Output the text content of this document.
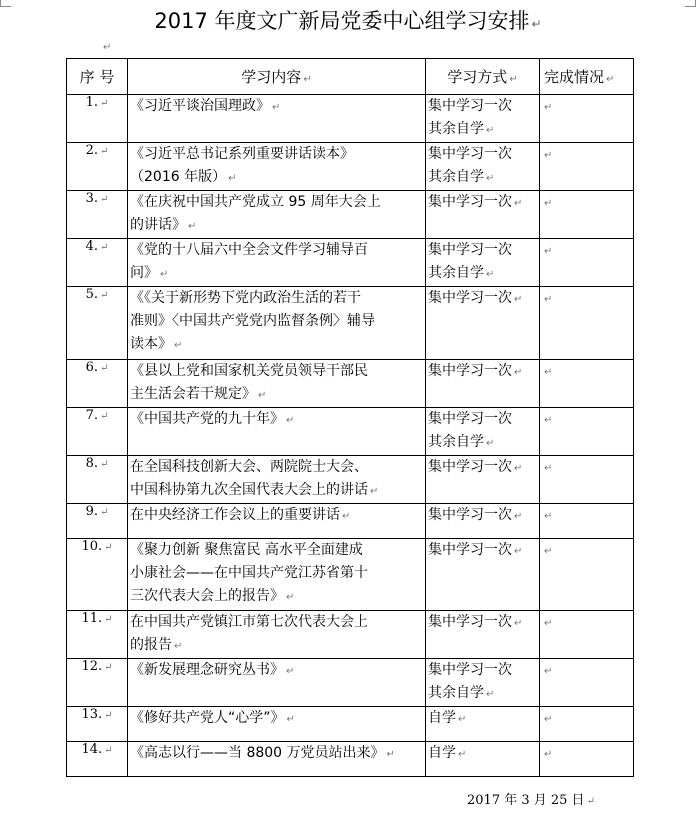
2017 年度文广新局党委中心组学习安排 ↵
↵
序 号	学习内容 ↵	学习方式 ↵	完成情况 ↵
1. ↵	《习近平谈治国理政》 ↵	集中学习一次
其余自学 ↵	↵
2. ↵	《习近平总书记系列重要讲话读本》
（2016 年版） ↵	集中学习一次
其余自学 ↵	↵
3. ↵	《在庆祝中国共产党成立 95 周年大会上
的讲话》 ↵	集中学习一次 ↵	↵
4. ↵	《党的十八届六中全会文件学习辅导百
问》 ↵	集中学习一次
其余自学 ↵	↵
5. ↵	《《关于新形势下党内政治生活的若干
准则》〈中国共产党党内监督条例〉辅导
读本》 ↵	集中学习一次 ↵	↵
6. ↵	《县以上党和国家机关党员领导干部民
主生活会若干规定》 ↵	集中学习一次 ↵	↵
7. ↵	《中国共产党的九十年》 ↵	集中学习一次
其余自学 ↵	↵
8. ↵	在全国科技创新大会、两院院士大会、
中国科协第九次全国代表大会上的讲话 ↵	集中学习一次 ↵	↵
9. ↵	在中央经济工作会议上的重要讲话 ↵	集中学习一次 ↵	↵
10. ↵	《聚力创新 聚焦富民 高水平全面建成
小康社会——在中国共产党江苏省第十
三次代表大会上的报告》 ↵	集中学习一次 ↵	↵
11. ↵	在中国共产党镇江市第七次代表大会上
的报告 ↵	集中学习一次 ↵	↵
12. ↵	《新发展理念研究丛书》 ↵	集中学习一次
其余自学 ↵	↵
13. ↵	《修好共产党人“心学”》 ↵	自学 ↵	↵
14. ↵	《高志以行——当 8800 万党员站出来》 ↵	自学 ↵	↵
2017 年 3 月 25 日 ↵
